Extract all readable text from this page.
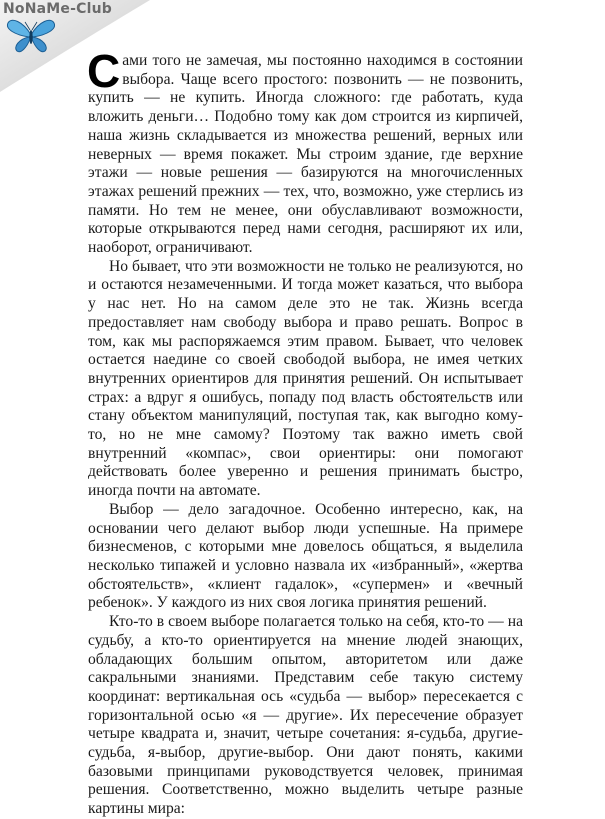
NoNaMe-Club

Сами того не замечая, мы постоянно находимся в состоянии выбора. Чаще всего простого: позвонить — не позвонить, купить — не купить. Иногда сложного: где работать, куда вложить деньги… Подобно тому как дом строится из кирпичей, наша жизнь складывается из множества решений, верных или неверных — время покажет. Мы строим здание, где верхние этажи — новые решения — базируются на многочисленных этажах решений прежних — тех, что, возможно, уже стерлись из памяти. Но тем не менее, они обуславливают возможности, которые открываются перед нами сегодня, расширяют их или, наоборот, ограничивают.

Но бывает, что эти возможности не только не реализуются, но и остаются незамеченными. И тогда может казаться, что выбора у нас нет. Но на самом деле это не так. Жизнь всегда предоставляет нам свободу выбора и право решать. Вопрос в том, как мы распоряжаемся этим правом. Бывает, что человек остается наедине со своей свободой выбора, не имея четких внутренних ориентиров для принятия решений. Он испытывает страх: а вдруг я ошибусь, попаду под власть обстоятельств или стану объектом манипуляций, поступая так, как выгодно кому-то, но не мне самому? Поэтому так важно иметь свой внутренний «компас», свои ориентиры: они помогают действовать более уверенно и решения принимать быстро, иногда почти на автомате.

Выбор — дело загадочное. Особенно интересно, как, на основании чего делают выбор люди успешные. На примере бизнесменов, с которыми мне довелось общаться, я выделила несколько типажей и условно назвала их «избранный», «жертва обстоятельств», «клиент гадалок», «супермен» и «вечный ребенок». У каждого из них своя логика принятия решений.

Кто-то в своем выборе полагается только на себя, кто-то — на судьбу, а кто-то ориентируется на мнение людей знающих, обладающих большим опытом, авторитетом или даже сакральными знаниями. Представим себе такую систему координат: вертикальная ось «судьба — выбор» пересекается с горизонтальной осью «я — другие». Их пересечение образует четыре квадрата и, значит, четыре сочетания: я-судьба, другие-судьба, я-выбор, другие-выбор. Они дают понять, какими базовыми принципами руководствуется человек, принимая решения. Соответственно, можно выделить четыре разные картины мира:
